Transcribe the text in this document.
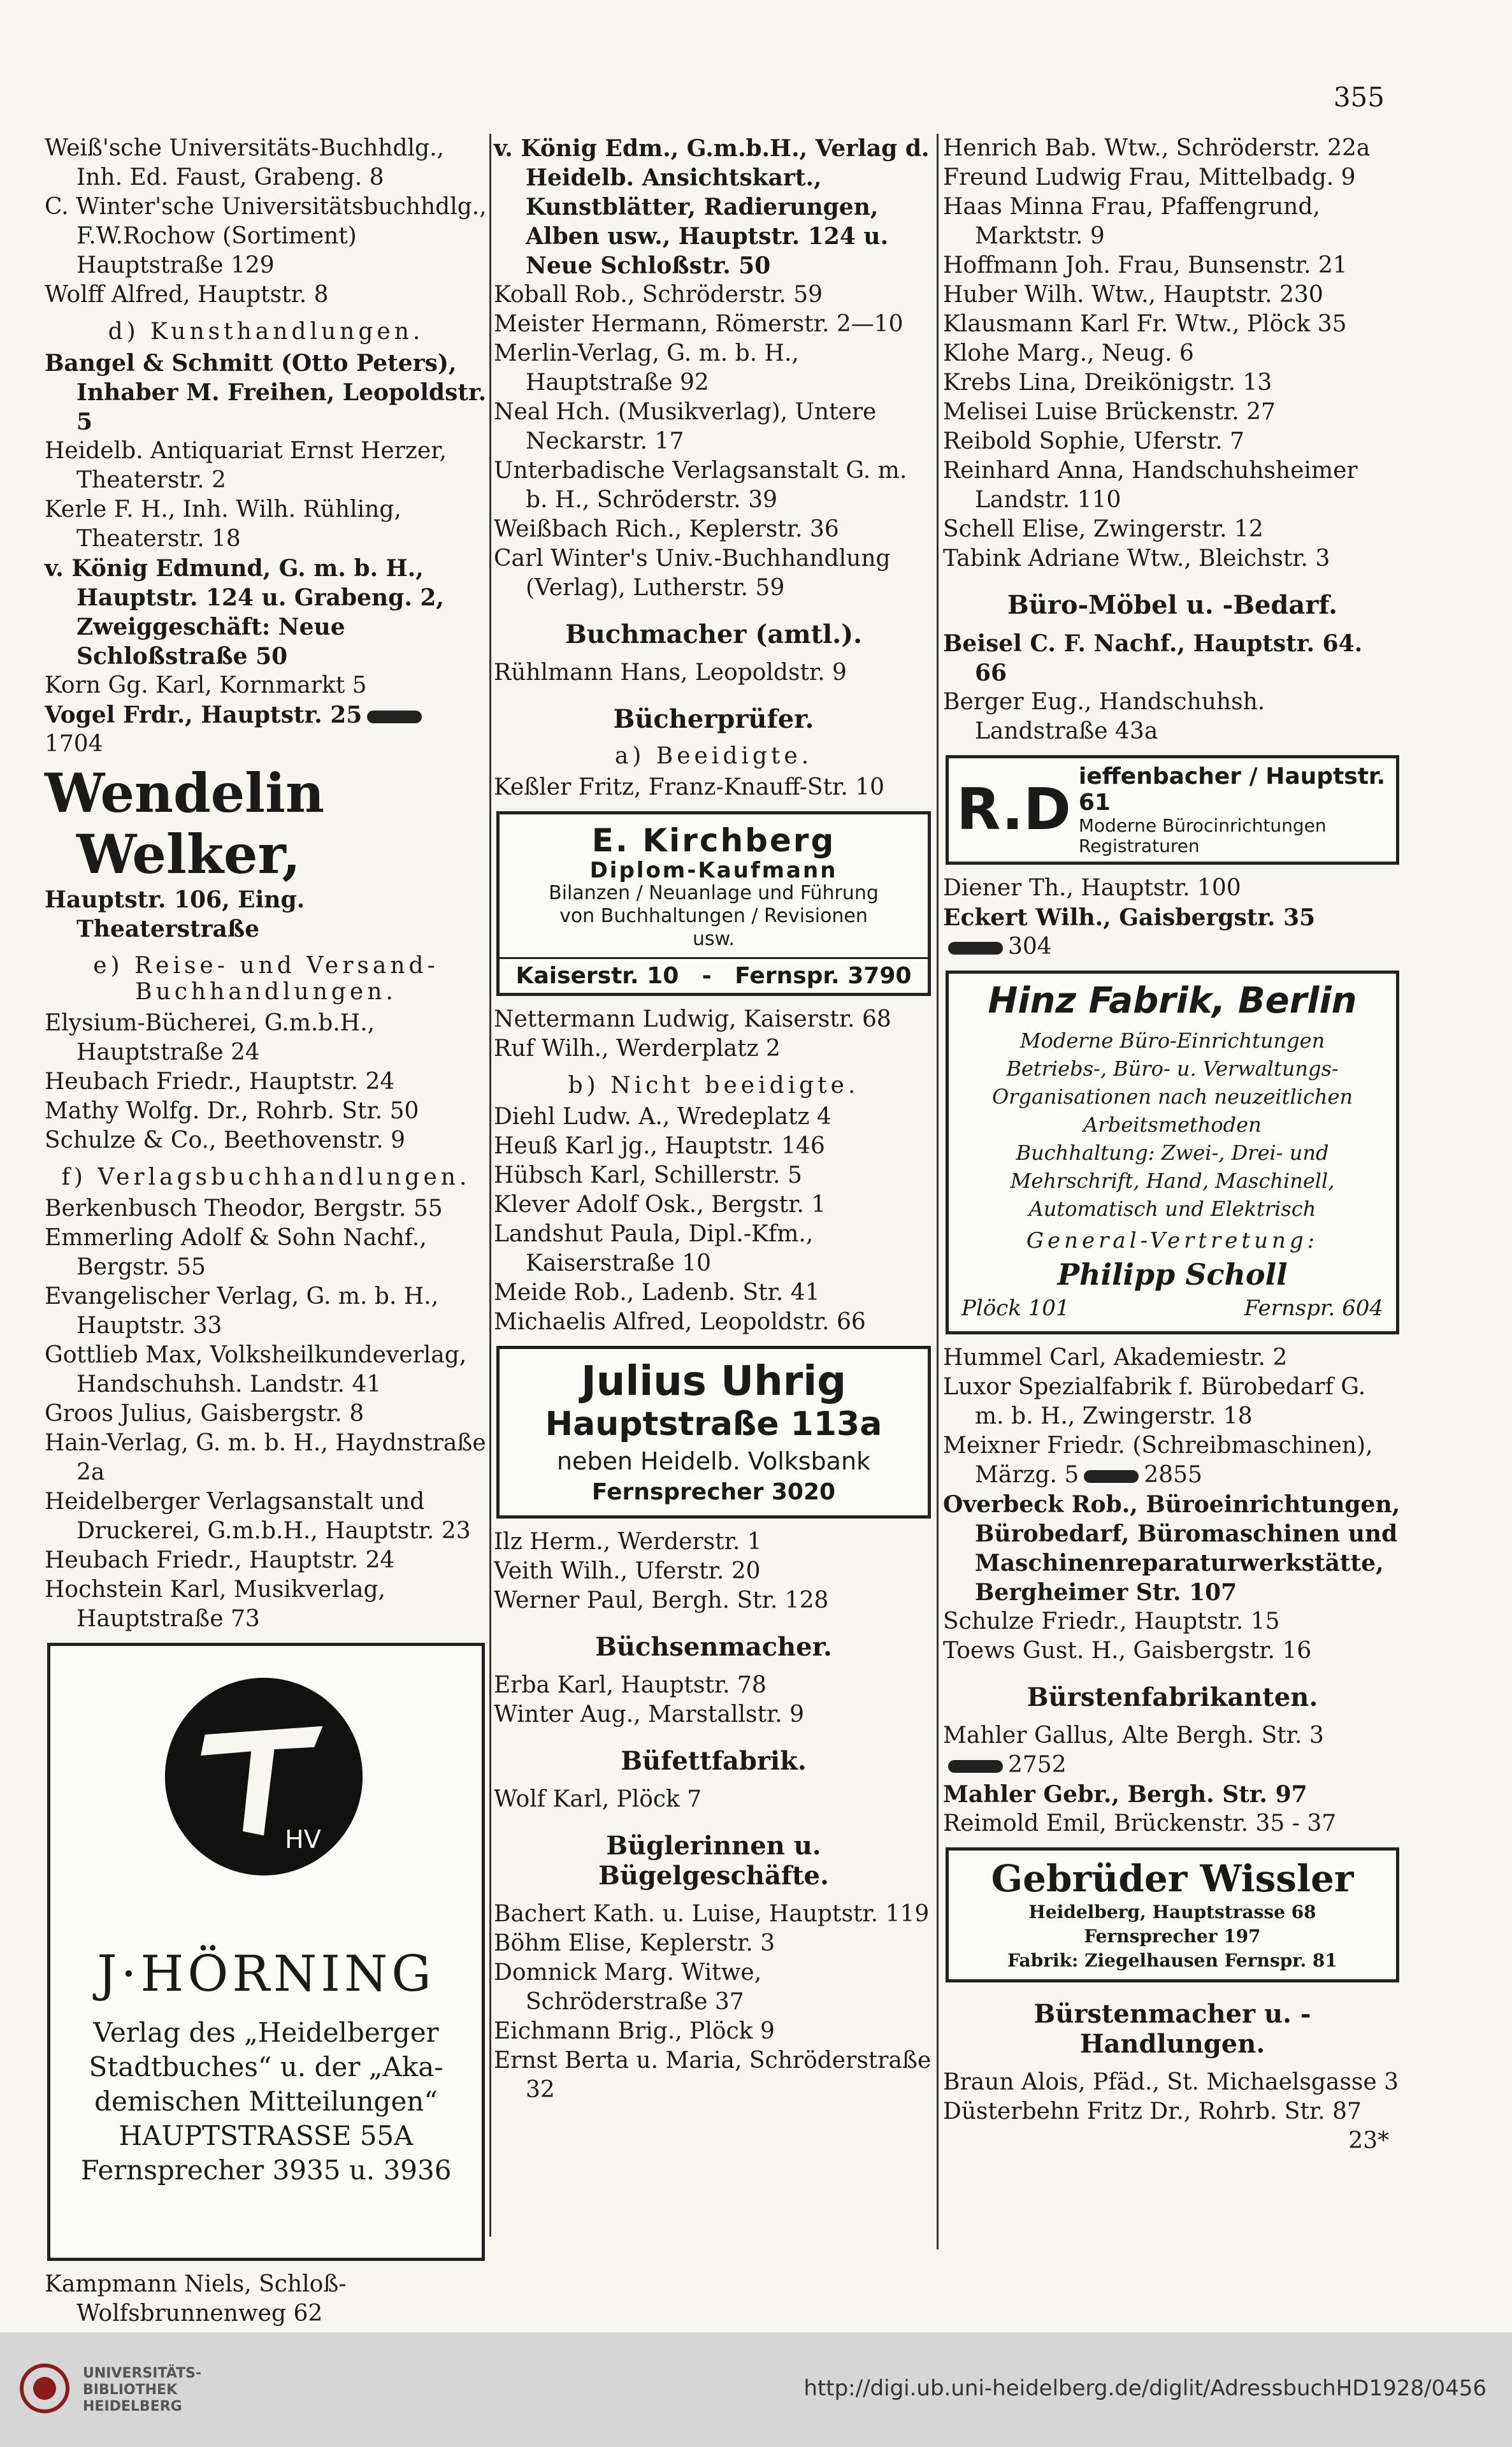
355

Weiß'sche Universitäts-Buchhdlg., Inh. Ed. Faust, Grabeng. 8

C. Winter'sche Universitätsbuchhdlg., F.W.Rochow (Sortiment) Hauptstraße 129

Wolff Alfred, Hauptstr. 8

d) Kunsthandlungen.

Bangel & Schmitt (Otto Peters), Inhaber M. Freihen, Leopoldstr. 5

Heidelb. Antiquariat Ernst Herzer, Theaterstr. 2

Kerle F. H., Inh. Wilh. Rühling, Theaterstr. 18

v. König Edmund, G. m. b. H., Hauptstr. 124 u. Grabeng. 2, Zweiggeschäft: Neue Schloßstraße 50

Korn Gg. Karl, Kornmarkt 5

Vogel Frdr., Hauptstr. 25

1704

Wendelin Welker,

Hauptstr. 106, Eing. Theaterstraße

e) Reise- und Versand-Buchhandlungen.

Elysium-Bücherei, G.m.b.H., Hauptstraße 24

Heubach Friedr., Hauptstr. 24

Mathy Wolfg. Dr., Rohrb. Str. 50

Schulze & Co., Beethovenstr. 9

f) Verlagsbuchhandlungen.

Berkenbusch Theodor, Bergstr. 55

Emmerling Adolf & Sohn Nachf., Bergstr. 55

Evangelischer Verlag, G. m. b. H., Hauptstr. 33

Gottlieb Max, Volksheilkundeverlag, Handschuhsh. Landstr. 41

Groos Julius, Gaisbergstr. 8

Hain-Verlag, G. m. b. H., Haydnstraße 2a

Heidelberger Verlagsanstalt und Druckerei, G.m.b.H., Hauptstr. 23

Heubach Friedr., Hauptstr. 24

Hochstein Karl, Musikverlag, Hauptstraße 73

HV
J·HÖRNING
Verlag des „Heidelberger
Stadtbuches“ u. der „Aka-
demischen Mitteilungen“
HAUPTSTRASSE 55A
Fernsprecher 3935 u. 3936

Kampmann Niels, Schloß-Wolfsbrunnenweg 62

v. König Edm., G.m.b.H., Verlag d. Heidelb. Ansichtskart., Kunstblätter, Radierungen, Alben usw., Hauptstr. 124 u. Neue Schloßstr. 50

Koball Rob., Schröderstr. 59

Meister Hermann, Römerstr. 2—10

Merlin-Verlag, G. m. b. H., Hauptstraße 92

Neal Hch. (Musikverlag), Untere Neckarstr. 17

Unterbadische Verlagsanstalt G. m. b. H., Schröderstr. 39

Weißbach Rich., Keplerstr. 36

Carl Winter's Univ.-Buchhandlung (Verlag), Lutherstr. 59

Buchmacher (amtl.).

Rühlmann Hans, Leopoldstr. 9

Bücherprüfer.
a) Beeidigte.

Keßler Fritz, Franz-Knauff-Str. 10

E. Kirchberg
Diplom-Kaufmann
Bilanzen / Neuanlage und Führung
von Buchhaltungen / Revisionen
usw.
Kaiserstr. 10 - Fernspr. 3790

Nettermann Ludwig, Kaiserstr. 68

Ruf Wilh., Werderplatz 2

b) Nicht beeidigte.

Diehl Ludw. A., Wredeplatz 4

Heuß Karl jg., Hauptstr. 146

Hübsch Karl, Schillerstr. 5

Klever Adolf Osk., Bergstr. 1

Landshut Paula, Dipl.-Kfm., Kaiserstraße 10

Meide Rob., Ladenb. Str. 41

Michaelis Alfred, Leopoldstr. 66

Julius Uhrig
Hauptstraße 113a
neben Heidelb. Volksbank
Fernsprecher 3020

Ilz Herm., Werderstr. 1

Veith Wilh., Uferstr. 20

Werner Paul, Bergh. Str. 128

Büchsenmacher.

Erba Karl, Hauptstr. 78

Winter Aug., Marstallstr. 9

Büfettfabrik.

Wolf Karl, Plöck 7

Büglerinnen u. Bügelgeschäfte.

Bachert Kath. u. Luise, Hauptstr. 119

Böhm Elise, Keplerstr. 3

Domnick Marg. Witwe, Schröderstraße 37

Eichmann Brig., Plöck 9

Ernst Berta u. Maria, Schröderstraße 32

Henrich Bab. Wtw., Schröderstr. 22a

Freund Ludwig Frau, Mittelbadg. 9

Haas Minna Frau, Pfaffengrund, Marktstr. 9

Hoffmann Joh. Frau, Bunsenstr. 21

Huber Wilh. Wtw., Hauptstr. 230

Klausmann Karl Fr. Wtw., Plöck 35

Klohe Marg., Neug. 6

Krebs Lina, Dreikönigstr. 13

Melisei Luise Brückenstr. 27

Reibold Sophie, Uferstr. 7

Reinhard Anna, Handschuhsheimer Landstr. 110

Schell Elise, Zwingerstr. 12

Tabink Adriane Wtw., Bleichstr. 3

Büro-Möbel u. -Bedarf.

Beisel C. F. Nachf., Hauptstr. 64. 66

Berger Eug., Handschuhsh. Landstraße 43a

R.D ieffenbacher / Hauptstr. 61
Moderne Bürocinrichtungen
Registraturen

Diener Th., Hauptstr. 100

Eckert Wilh., Gaisbergstr. 35

304

Hinz Fabrik, Berlin
Moderne Büro-Einrichtungen
Betriebs-, Büro- u. Verwaltungs-
Organisationen nach neuzeitlichen
Arbeitsmethoden
Buchhaltung: Zwei-, Drei- und
Mehrschrift, Hand, Maschinell,
Automatisch und Elektrisch
General-Vertretung:
Philipp Scholl
Plöck 101	Fernspr. 604

Hummel Carl, Akademiestr. 2

Luxor Spezialfabrik f. Bürobedarf G. m. b. H., Zwingerstr. 18

Meixner Friedr. (Schreibmaschinen), Märzg. 5	2855

Overbeck Rob., Büroeinrichtungen, Bürobedarf, Büromaschinen und Maschinenreparaturwerkstätte, Bergheimer Str. 107

Schulze Friedr., Hauptstr. 15

Toews Gust. H., Gaisbergstr. 16

Bürstenfabrikanten.

Mahler Gallus, Alte Bergh. Str. 3

2752

Mahler Gebr., Bergh. Str. 97

Reimold Emil, Brückenstr. 35 - 37

Gebrüder Wissler
Heidelberg, Hauptstrasse 68
Fernsprecher 197
Fabrik: Ziegelhausen Fernspr. 81
Bürstenmacher u. -Handlungen.

Braun Alois, Pfäd., St. Michaelsgasse 3

Düsterbehn Fritz Dr., Rohrb. Str. 87

23*

UNIVERSITÄTS-
BIBLIOTHEK
HEIDELBERG
http://digi.ub.uni-heidelberg.de/diglit/AdressbuchHD1928/0456
